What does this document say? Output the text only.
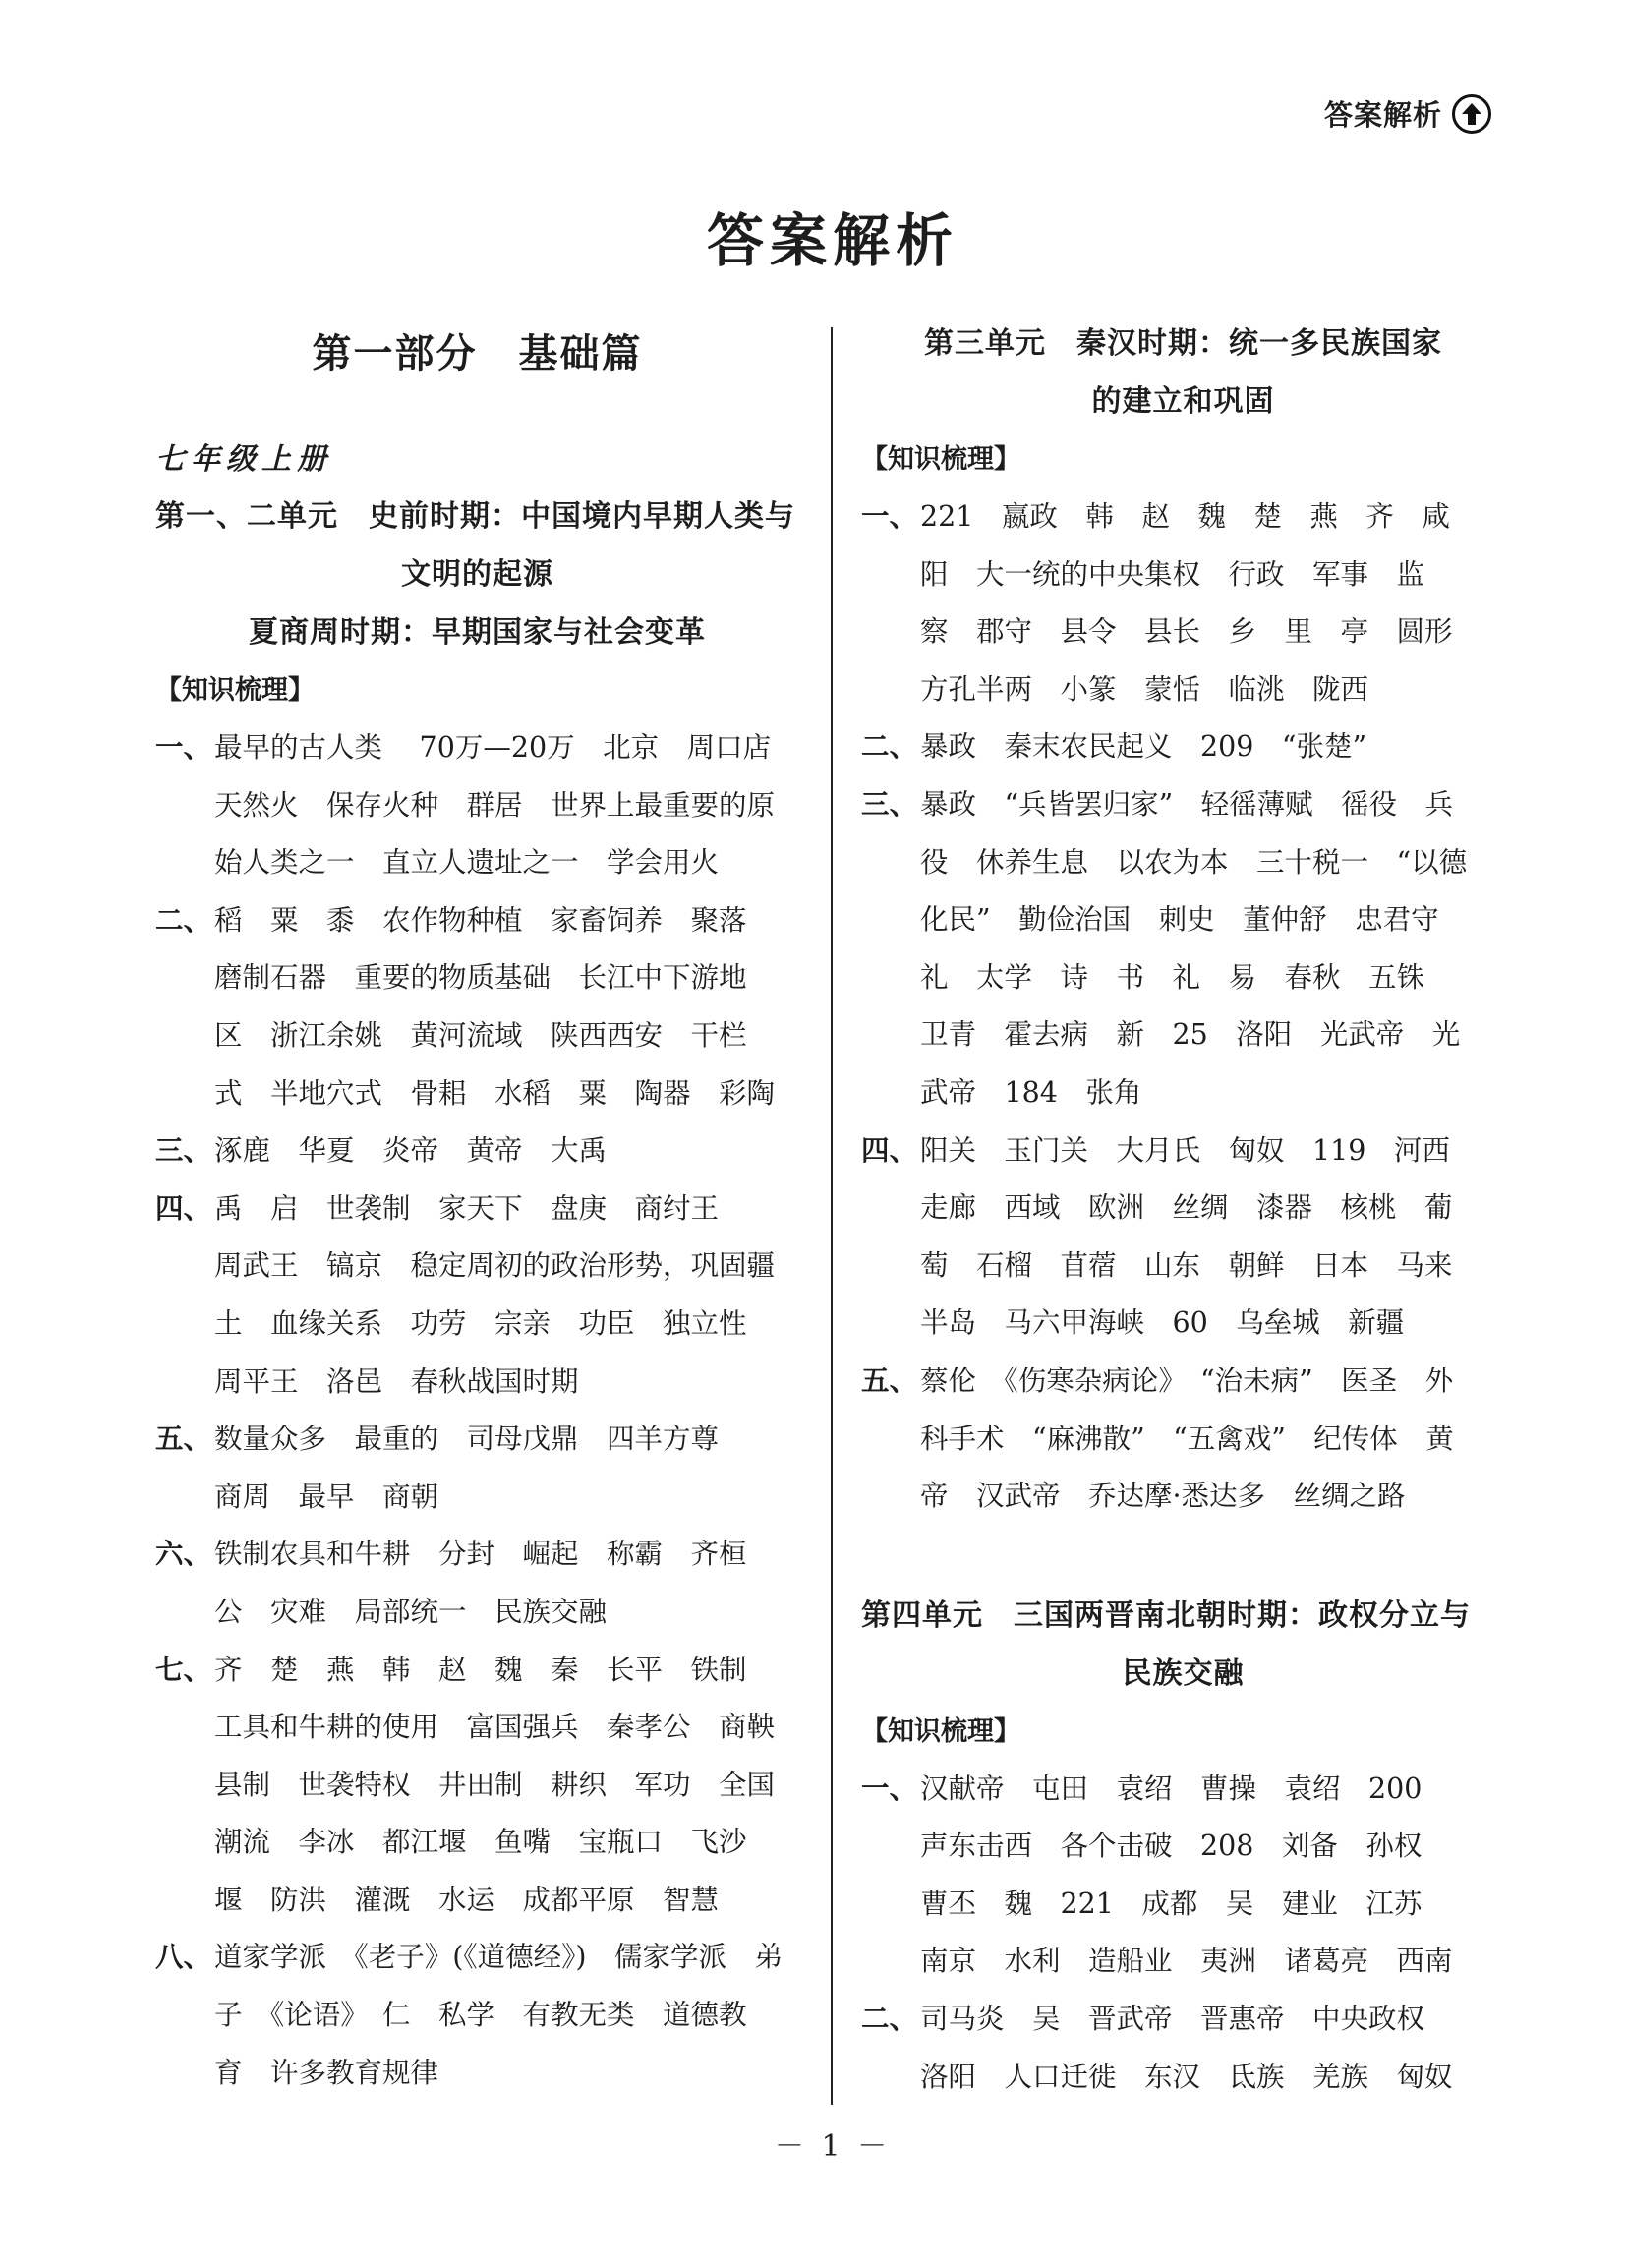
答案解析
答案解析
第一部分　基础篇
七年级上册
第一、二单元　史前时期：中国境内早期人类与
文明的起源
夏商周时期：早期国家与社会变革
【知识梳理】
一、 最早的古人类　 70万—20万　北京　周口店
天然火　保存火种　群居　世界上最重要的原
始人类之一　直立人遗址之一　学会用火
二、 稻　粟　黍　农作物种植　家畜饲养　聚落
磨制石器　重要的物质基础　长江中下游地
区　浙江余姚　黄河流域　陕西西安　干栏
式　半地穴式　骨耜　水稻　粟　陶器　彩陶
三、 涿鹿　华夏　炎帝　黄帝　大禹
四、 禹　启　世袭制　家天下　盘庚　商纣王
周武王　镐京　稳定周初的政治形势，巩固疆
土　血缘关系　功劳　宗亲　功臣　独立性
周平王　洛邑　春秋战国时期
五、 数量众多　最重的　司母戊鼎　四羊方尊
商周　最早　商朝
六、 铁制农具和牛耕　分封　崛起　称霸　齐桓
公　灾难　局部统一　民族交融
七、 齐　楚　燕　韩　赵　魏　秦　长平　铁制
工具和牛耕的使用　富国强兵　秦孝公　商鞅
县制　世袭特权　井田制　耕织　军功　全国
潮流　李冰　都江堰　鱼嘴　宝瓶口　飞沙
堰　防洪　灌溉　水运　成都平原　智慧
八、 道家学派　《老子》(《道德经》)　儒家学派　弟
子　《论语》　仁　私学　有教无类　道德教
育　许多教育规律
第三单元　秦汉时期：统一多民族国家
的建立和巩固
【知识梳理】
一、 221　嬴政　韩　赵　魏　楚　燕　齐　咸
阳　大一统的中央集权　行政　军事　监
察　郡守　县令　县长　乡　里　亭　圆形
方孔半两　小篆　蒙恬　临洮　陇西
二、 暴政　秦末农民起义　209　“张楚”
三、 暴政　“兵皆罢归家”　轻徭薄赋　徭役　兵
役　休养生息　以农为本　三十税一　“以德
化民”　勤俭治国　刺史　董仲舒　忠君守
礼　太学　诗　书　礼　易　春秋　五铢
卫青　霍去病　新　25　洛阳　光武帝　光
武帝　184　张角
四、 阳关　玉门关　大月氏　匈奴　119　河西
走廊　西域　欧洲　丝绸　漆器　核桃　葡
萄　石榴　苜蓿　山东　朝鲜　日本　马来
半岛　马六甲海峡　60　乌垒城　新疆
五、 蔡伦　《伤寒杂病论》　“治未病”　医圣　外
科手术　“麻沸散”　“五禽戏”　纪传体　黄
帝　汉武帝　乔达摩·悉达多　丝绸之路
第四单元　三国两晋南北朝时期：政权分立与
民族交融
【知识梳理】
一、 汉献帝　屯田　袁绍　曹操　袁绍　200
声东击西　各个击破　208　刘备　孙权
曹丕　魏　221　成都　吴　建业　江苏
南京　水利　造船业　夷洲　诸葛亮　西南
二、 司马炎　吴　晋武帝　晋惠帝　中央政权
洛阳　人口迁徙　东汉　氐族　羌族　匈奴
－ 1 －
